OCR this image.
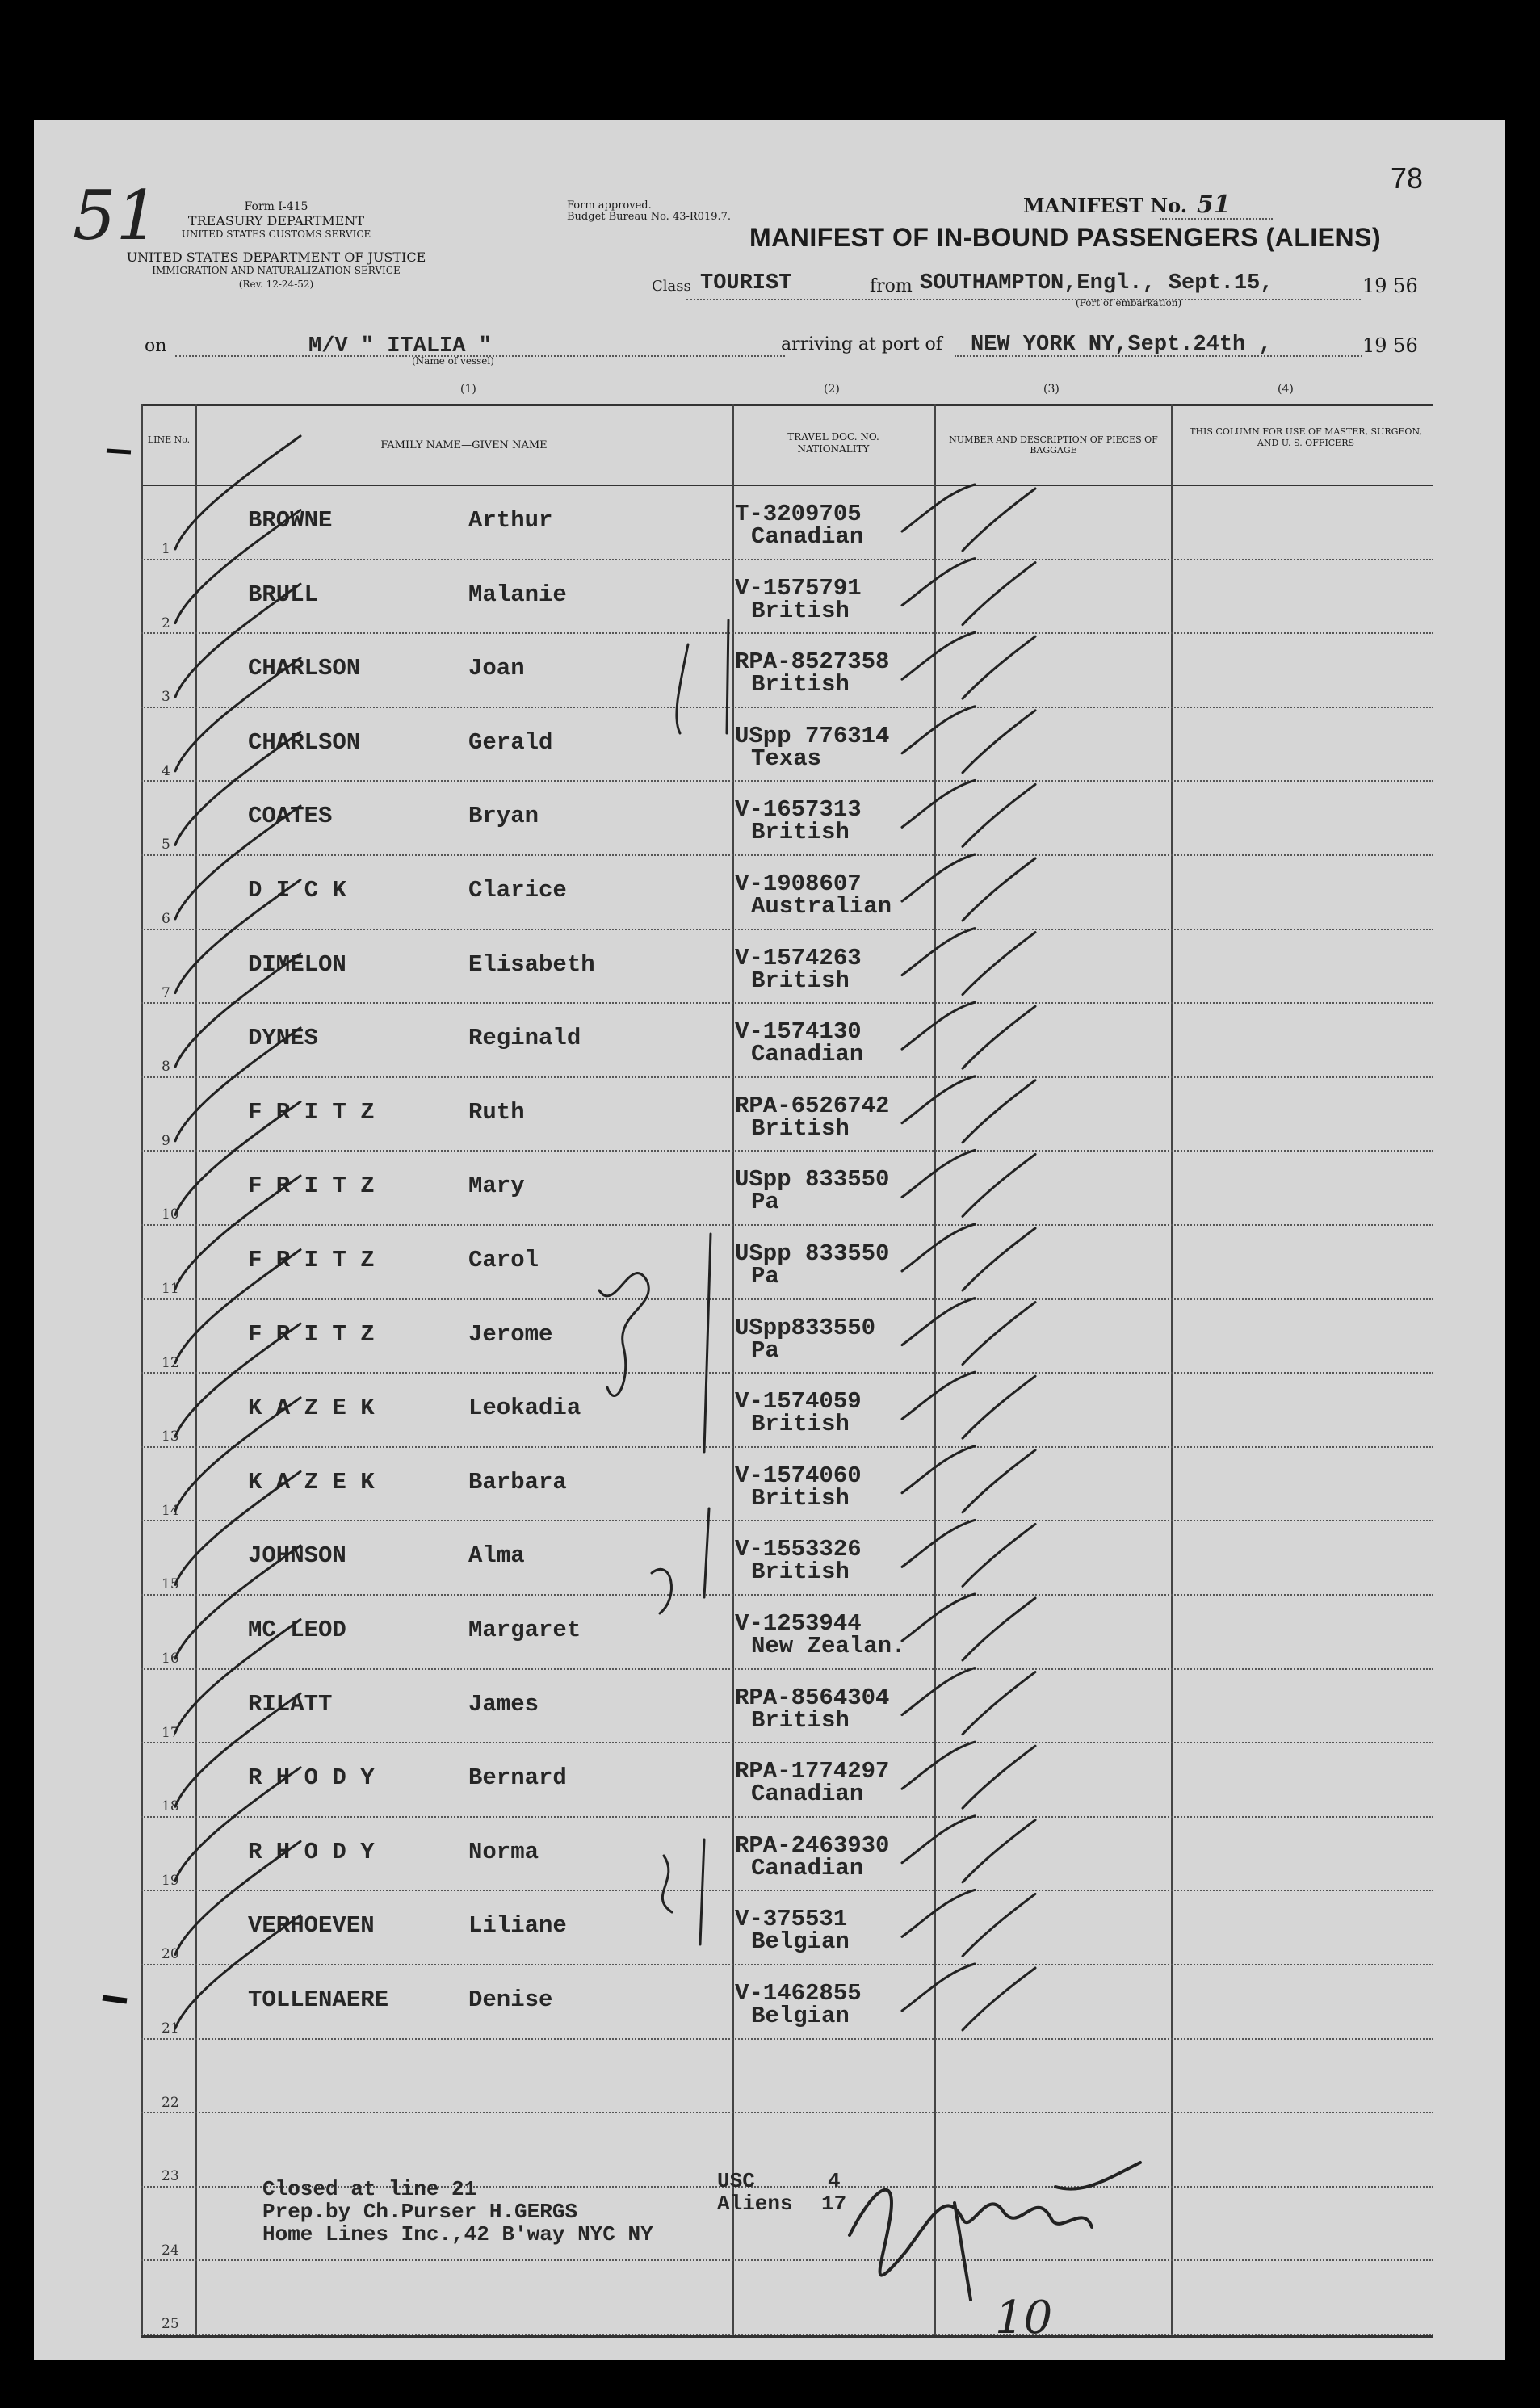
51	78
Form I-415
TREASURY DEPARTMENT
UNITED STATES CUSTOMS SERVICE
UNITED STATES DEPARTMENT OF JUSTICE
IMMIGRATION AND NATURALIZATION SERVICE
(Rev. 12-24-52)
Form approved.
Budget Bureau No. 43-R019.7.	MANIFEST No. 51
MANIFEST OF IN-BOUND PASSENGERS (ALIENS)
Class TOURIST	from SOUTHAMPTON,Engl., Sept.15,	19 56
(Port of embarkation)
on	M/V " ITALIA "
(Name of vessel)
arriving at port of NEW YORK NY,Sept.24th ,	19 56
(1)	(2)	(3)	(4)
LINE No.	FAMILY NAME—GIVEN NAME
TRAVEL DOC. NO. NATIONALITY
NUMBER AND DESCRIPTION OF PIECES OF BAGGAGE
THIS COLUMN FOR USE OF MASTER, SURGEON, AND U. S. OFFICERS
1
BROWNE	Arthur	T-3209705
Canadian
2
BRULL	Malanie	V-1575791
British
3
CHARLSON	Joan	RPA-8527358
British
4
CHARLSON	Gerald	USpp 776314
Texas
5
COATES	Bryan	V-1657313
British
6
D I C K	Clarice	V-1908607
Australian
7
DIMELON	Elisabeth	V-1574263
British
8
DYNES	Reginald	V-1574130
Canadian
9
F R I T Z	Ruth	RPA-6526742
British
10
F R I T Z	Mary	USpp 833550
Pa
11
F R I T Z	Carol	USpp 833550
Pa
12
F R I T Z	Jerome	USpp833550
Pa
13
K A Z E K	Leokadia	V-1574059
British
14
K A Z E K	Barbara	V-1574060
British
15
JOHNSON	Alma	V-1553326
British
16
MC LEOD	Margaret	V-1253944
New Zealan.
17
RILATT	James	RPA-8564304
British
18
R H O D Y	Bernard	RPA-1774297
Canadian
19
R H O D Y	Norma	RPA-2463930
Canadian
20
VERHOEVEN	Liliane	V-375531
Belgian
21
TOLLENAERE	Denise	V-1462855
Belgian
22
23
24
25
Closed at line 21
Prep.by Ch.Purser H.GERGS
Home Lines Inc.,42 B'way NYC NY
USC	4
Aliens 17
10
